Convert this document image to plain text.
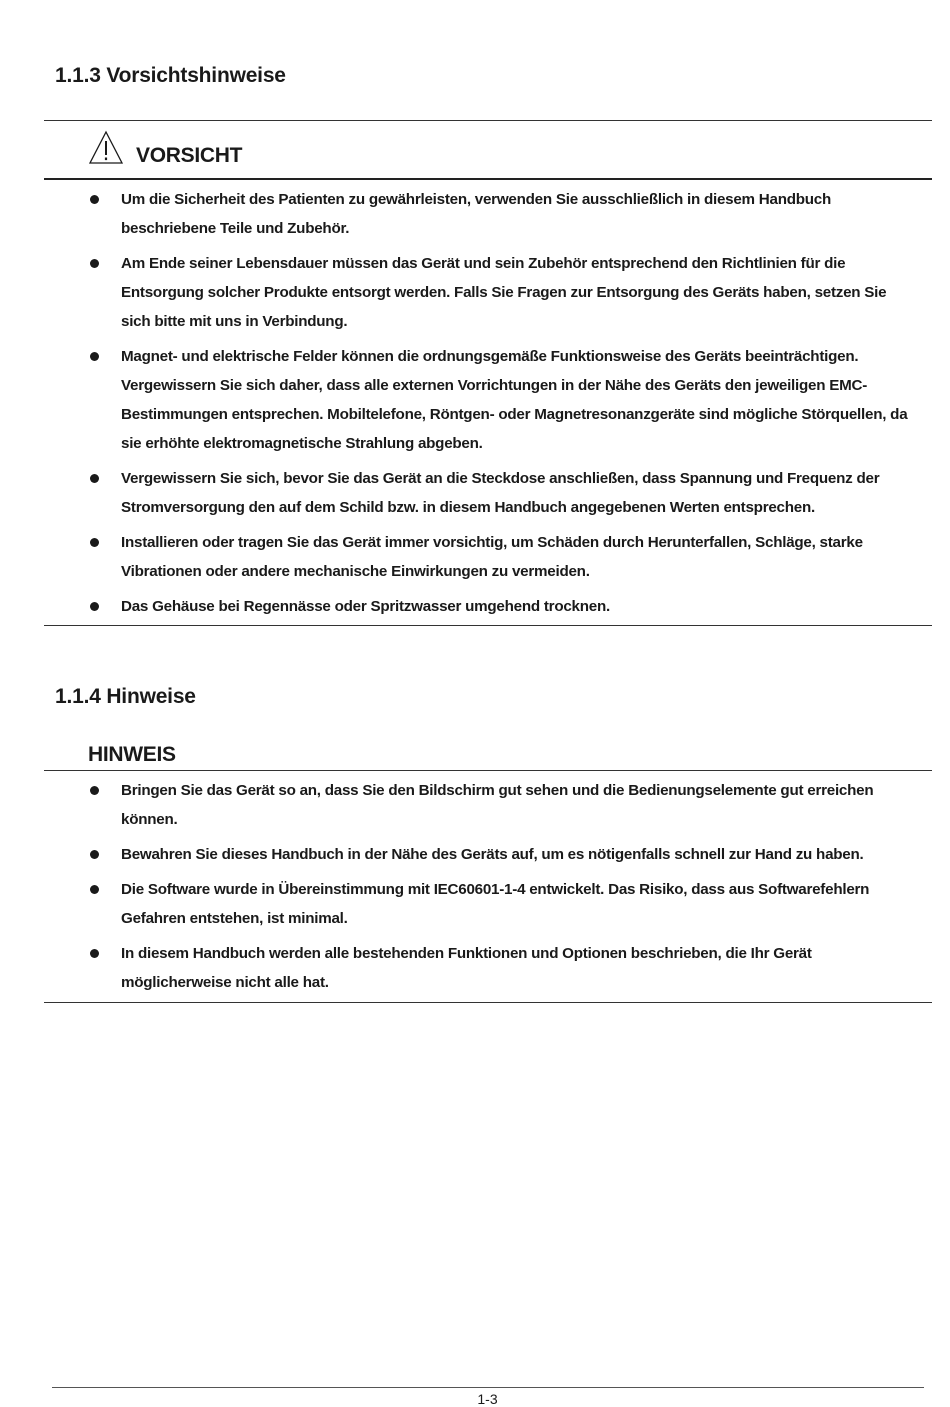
1.1.3 Vorsichtshinweise
VORSICHT
Um die Sicherheit des Patienten zu gewährleisten, verwenden Sie ausschließlich in diesem Handbuch beschriebene Teile und Zubehör.
Am Ende seiner Lebensdauer müssen das Gerät und sein Zubehör entsprechend den Richtlinien für die Entsorgung solcher Produkte entsorgt werden. Falls Sie Fragen zur Entsorgung des Geräts haben, setzen Sie sich bitte mit uns in Verbindung.
Magnet- und elektrische Felder können die ordnungsgemäße Funktionsweise des Geräts beeinträchtigen. Vergewissern Sie sich daher, dass alle externen Vorrichtungen in der Nähe des Geräts den jeweiligen EMC-Bestimmungen entsprechen. Mobiltelefone, Röntgen- oder Magnetresonanzgeräte sind mögliche Störquellen, da sie erhöhte elektromagnetische Strahlung abgeben.
Vergewissern Sie sich, bevor Sie das Gerät an die Steckdose anschließen, dass Spannung und Frequenz der Stromversorgung den auf dem Schild bzw. in diesem Handbuch angegebenen Werten entsprechen.
Installieren oder tragen Sie das Gerät immer vorsichtig, um Schäden durch Herunterfallen, Schläge, starke Vibrationen oder andere mechanische Einwirkungen zu vermeiden.
Das Gehäuse bei Regennässe oder Spritzwasser umgehend trocknen.
1.1.4 Hinweise
HINWEIS
Bringen Sie das Gerät so an, dass Sie den Bildschirm gut sehen und die Bedienungselemente gut erreichen können.
Bewahren Sie dieses Handbuch in der Nähe des Geräts auf, um es nötigenfalls schnell zur Hand zu haben.
Die Software wurde in Übereinstimmung mit IEC60601-1-4 entwickelt. Das Risiko, dass aus Softwarefehlern Gefahren entstehen, ist minimal.
In diesem Handbuch werden alle bestehenden Funktionen und Optionen beschrieben, die Ihr Gerät möglicherweise nicht alle hat.

1-3
